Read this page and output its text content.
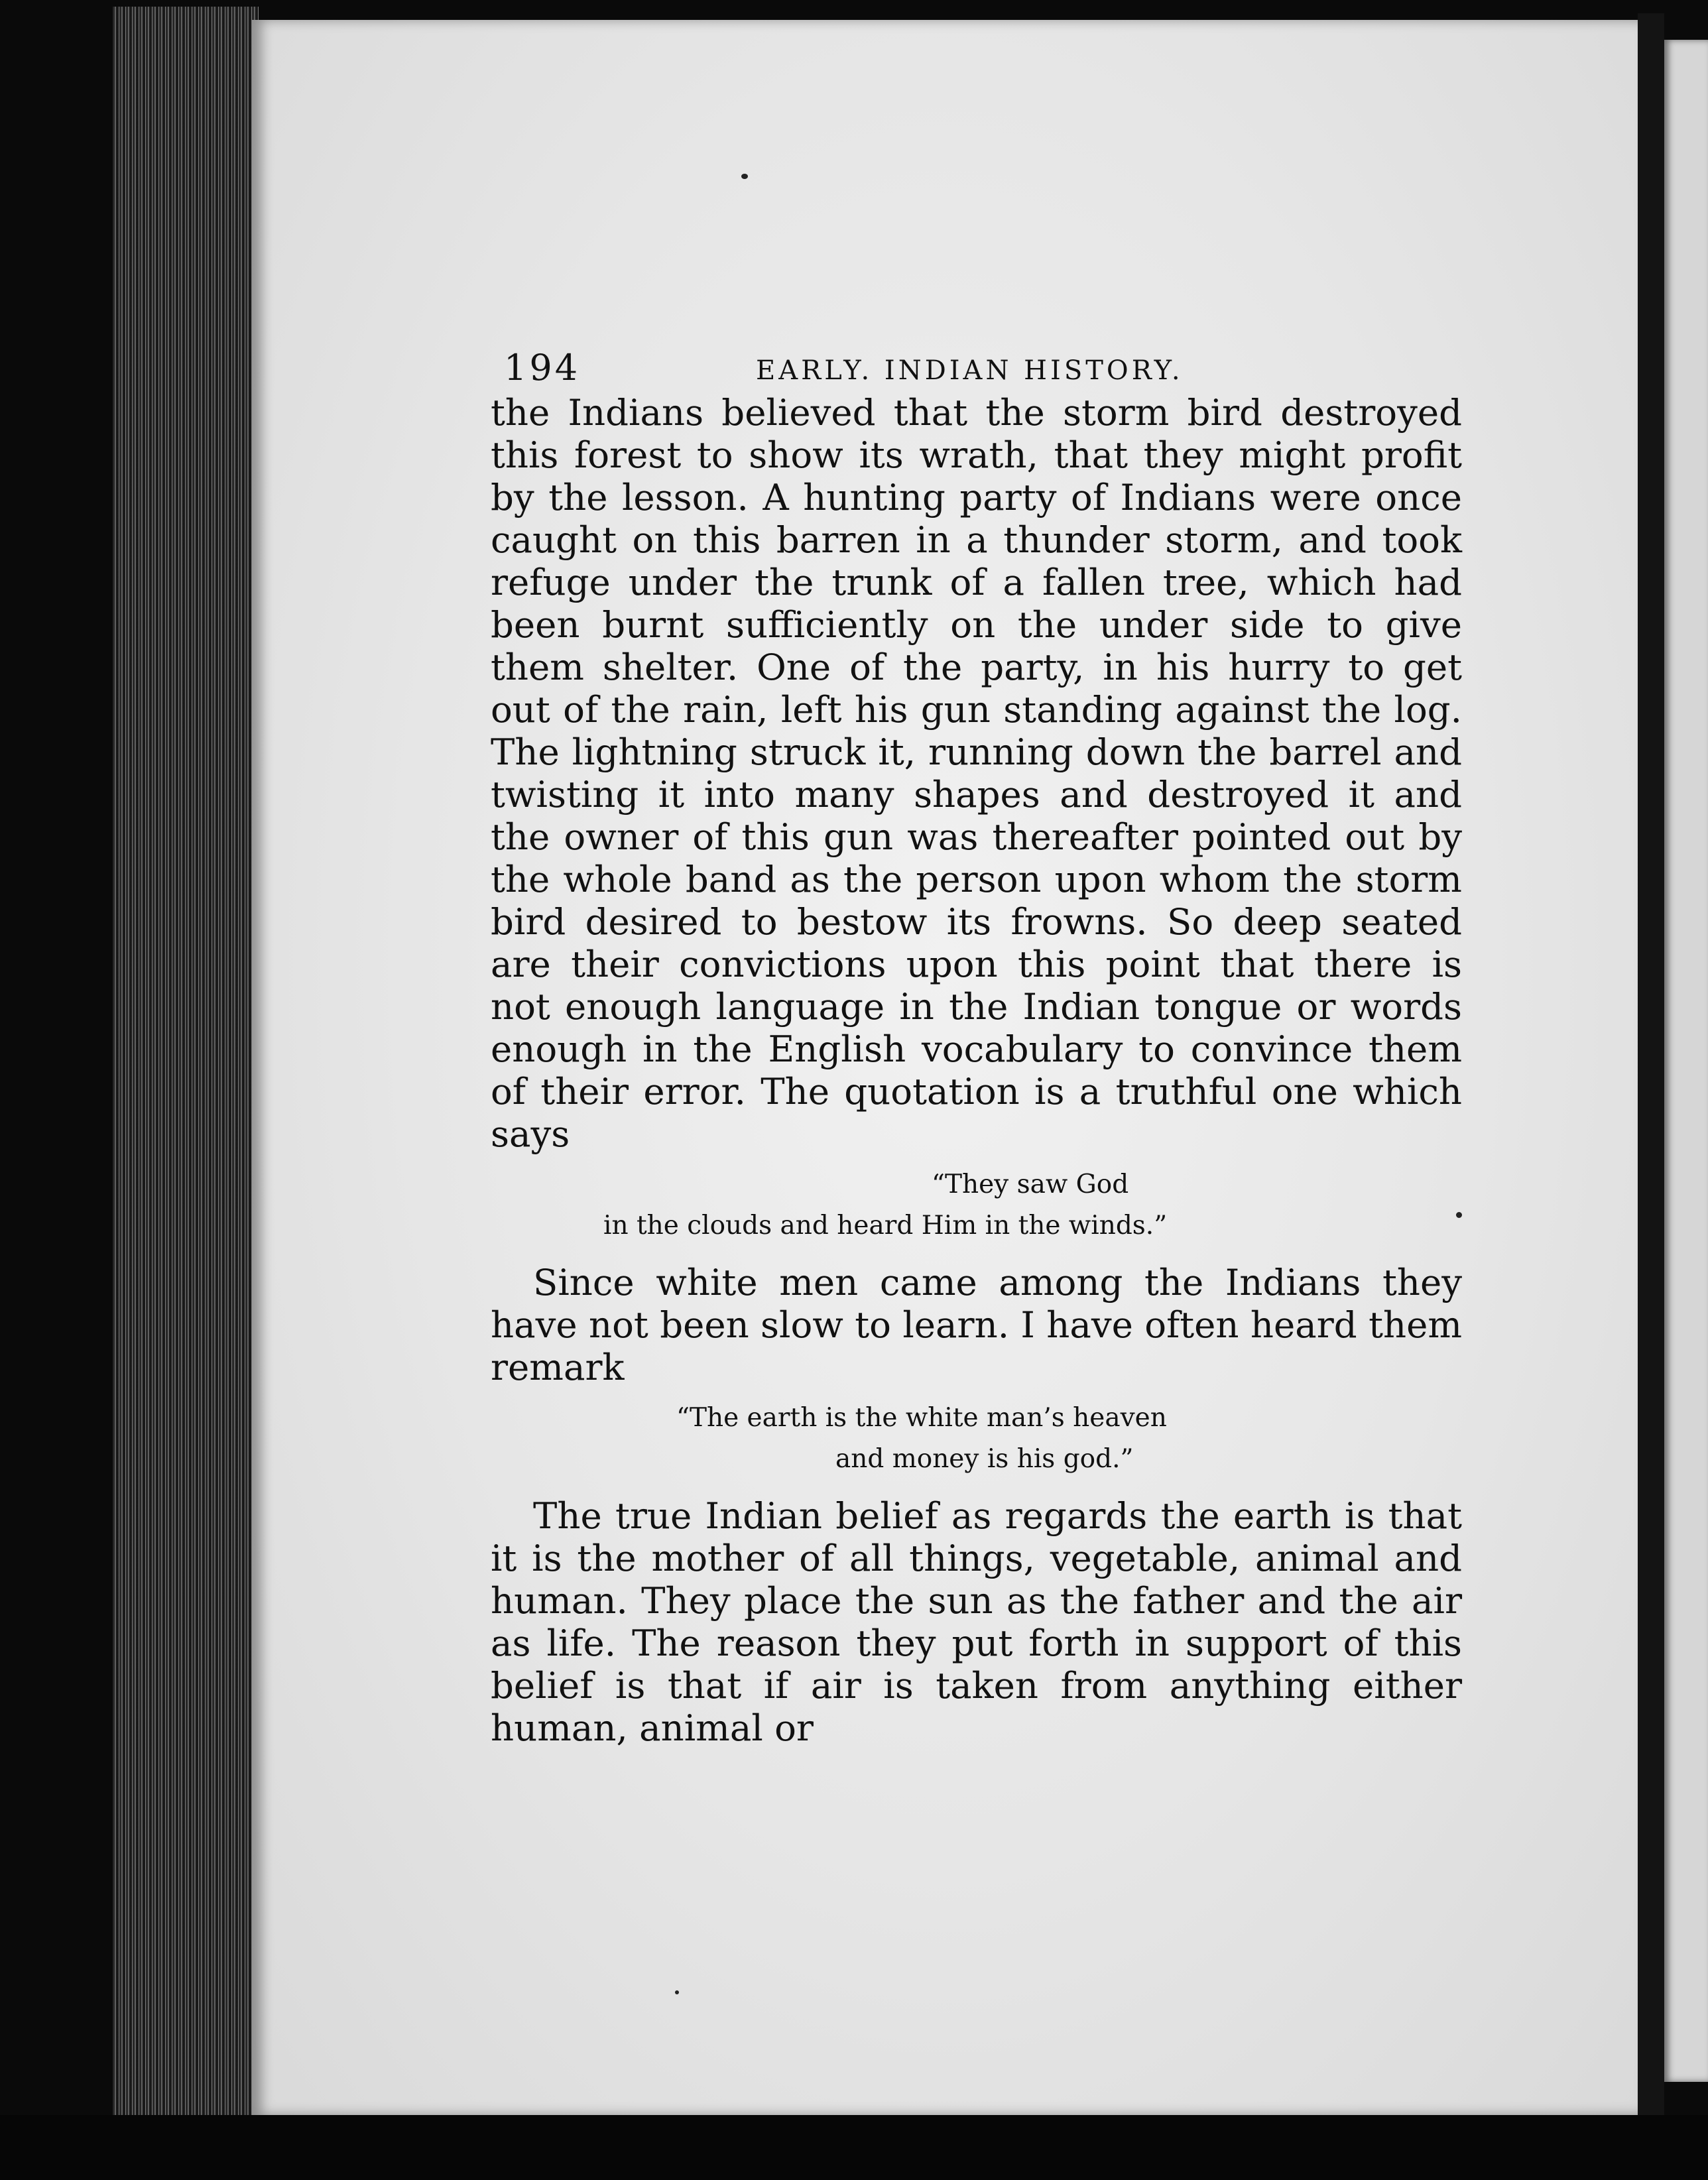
194	EARLY. INDIAN HISTORY.

the Indians believed that the storm bird destroyed this forest to show its wrath, that they might profit by the lesson. A hunting party of Indians were once caught on this barren in a thunder storm, and took refuge under the trunk of a fallen tree, which had been burnt sufficiently on the under side to give them shelter. One of the party, in his hurry to get out of the rain, left his gun standing against the log. The lightning struck it, running down the barrel and twisting it into many shapes and destroyed it and the owner of this gun was thereafter pointed out by the whole band as the person upon whom the storm bird desired to bestow its frowns. So deep seated are their convictions upon this point that there is not enough language in the Indian tongue or words enough in the English vocabulary to convince them of their error. The quotation is a truthful one which says

“They saw God
in the clouds and heard Him in the winds.”

Since white men came among the Indians they have not been slow to learn. I have often heard them remark

“The earth is the white man’s heaven
and money is his god.”

The true Indian belief as regards the earth is that it is the mother of all things, vegetable, animal and human. They place the sun as the father and the air as life. The reason they put forth in support of this belief is that if air is taken from anything either human, animal or
